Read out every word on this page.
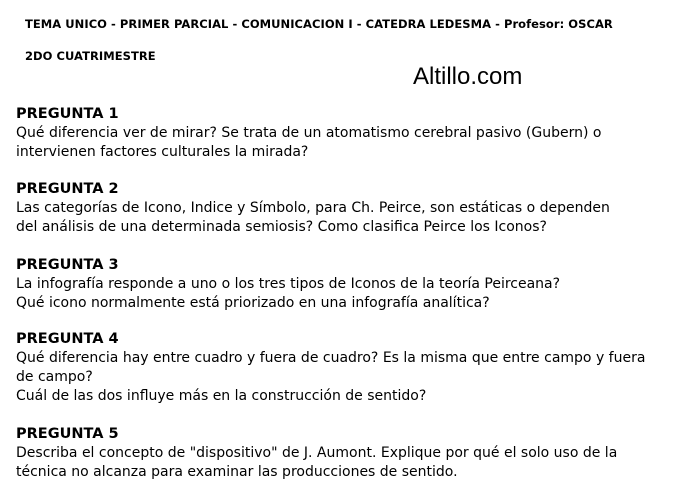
TEMA UNICO - PRIMER PARCIAL - COMUNICACION I - CATEDRA LEDESMA - Profesor: OSCAR
2DO CUATRIMESTRE
Altillo.com
PREGUNTA 1
Qué diferencia ver de mirar? Se trata de un atomatismo cerebral pasivo (Gubern) o
intervienen factores culturales la mirada?
PREGUNTA 2
Las categorías de Icono, Indice y Símbolo, para Ch. Peirce, son estáticas o dependen
del análisis de una determinada semiosis? Como clasifica Peirce los Iconos?
PREGUNTA 3
La infografía responde a uno o los tres tipos de Iconos de la teoría Peirceana?
Qué icono normalmente está priorizado en una infografía analítica?
PREGUNTA 4
Qué diferencia hay entre cuadro y fuera de cuadro? Es la misma que entre campo y fuera
de campo?
Cuál de las dos influye más en la construcción de sentido?
PREGUNTA 5
Describa el concepto de "dispositivo" de J. Aumont. Explique por qué el solo uso de la
técnica no alcanza para examinar las producciones de sentido.
